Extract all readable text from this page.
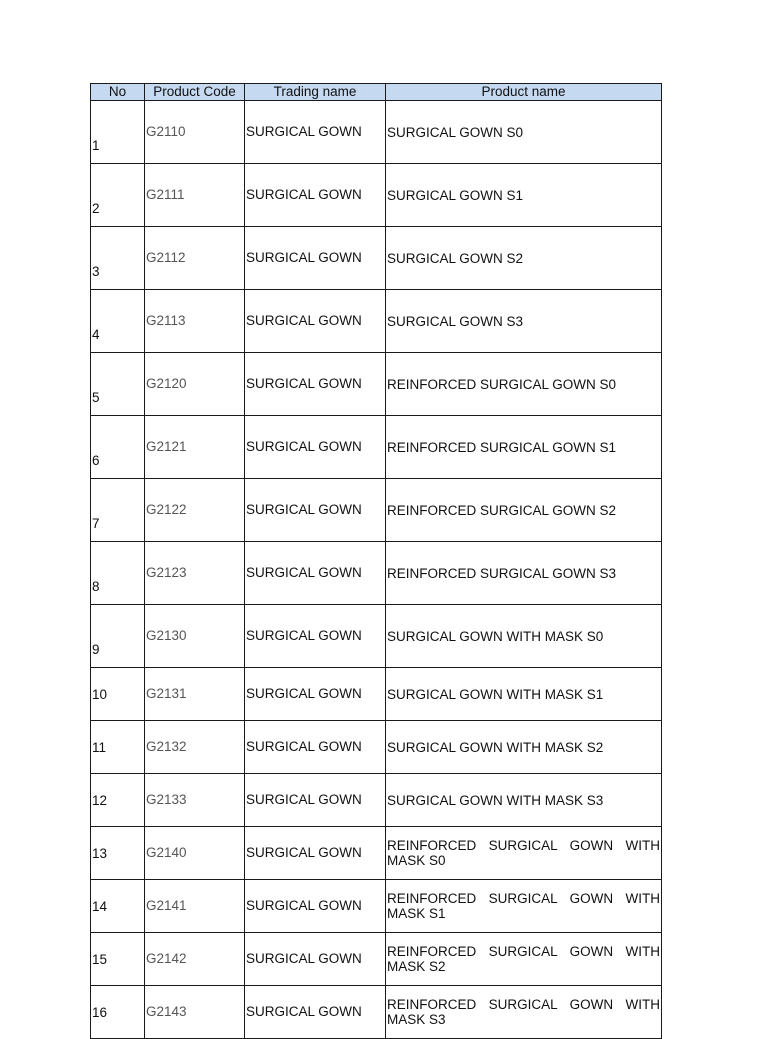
No	Product Code	Trading name	Product name
1	G2110	SURGICAL GOWN	SURGICAL GOWN S0
2	G2111	SURGICAL GOWN	SURGICAL GOWN S1
3	G2112	SURGICAL GOWN	SURGICAL GOWN S2
4	G2113	SURGICAL GOWN	SURGICAL GOWN S3
5	G2120	SURGICAL GOWN	REINFORCED SURGICAL GOWN S0
6	G2121	SURGICAL GOWN	REINFORCED SURGICAL GOWN S1
7	G2122	SURGICAL GOWN	REINFORCED SURGICAL GOWN S2
8	G2123	SURGICAL GOWN	REINFORCED SURGICAL GOWN S3
9	G2130	SURGICAL GOWN	SURGICAL GOWN WITH MASK S0
10	G2131	SURGICAL GOWN	SURGICAL GOWN WITH MASK S1
11	G2132	SURGICAL GOWN	SURGICAL GOWN WITH MASK S2
12	G2133	SURGICAL GOWN	SURGICAL GOWN WITH MASK S3
13	G2140	SURGICAL GOWN	REINFORCED SURGICAL GOWN WITH MASK S0
14	G2141	SURGICAL GOWN	REINFORCED SURGICAL GOWN WITH MASK S1
15	G2142	SURGICAL GOWN	REINFORCED SURGICAL GOWN WITH MASK S2
16	G2143	SURGICAL GOWN	REINFORCED SURGICAL GOWN WITH MASK S3
